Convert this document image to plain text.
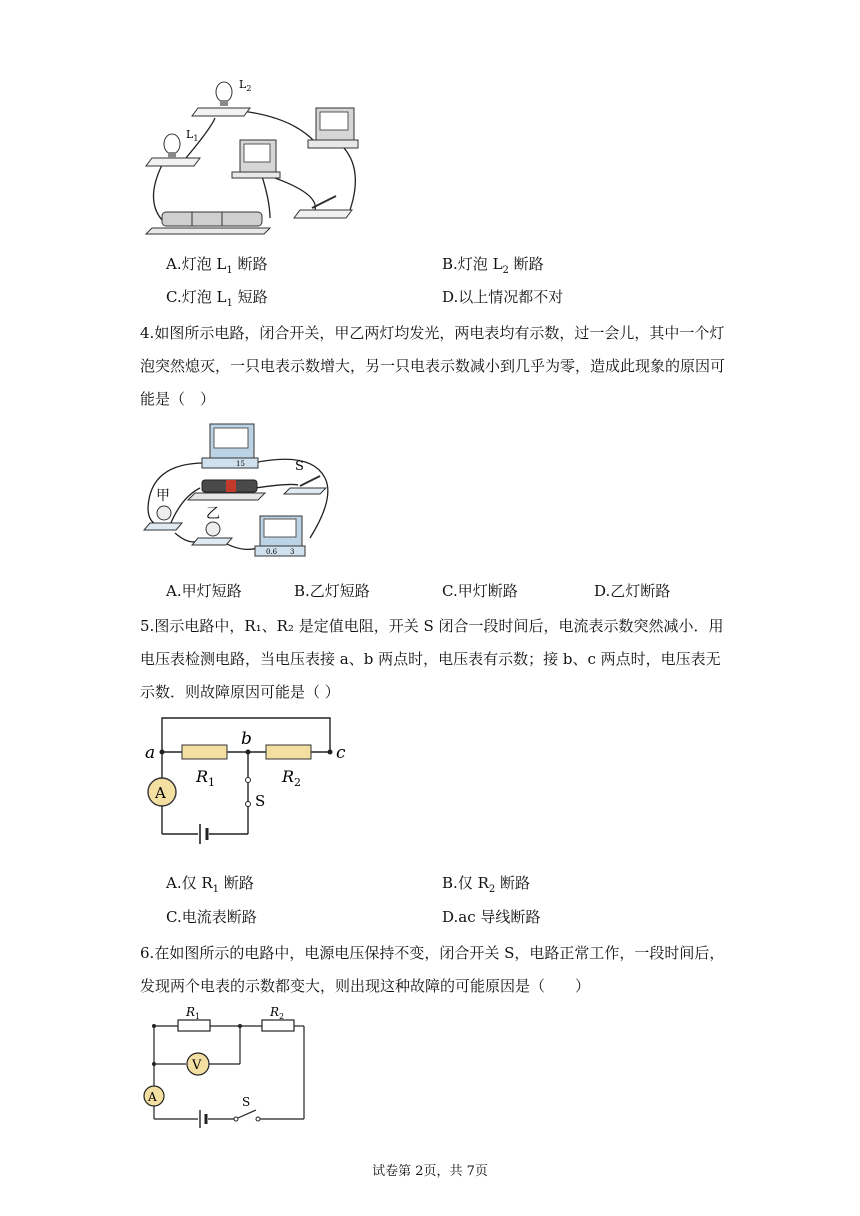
$L_2$
$L_1$
A.灯泡 $L_1$ 断路	B.灯泡 $L_2$ 断路
C.灯泡 $L_1$ 短路	D.以上情况都不对
4.如图所示电路，闭合开关，甲乙两灯均发光，两电表均有示数，过一会儿，其中一个灯泡突然熄灭，一只电表示数增大，另一只电表示数减小到几乎为零，造成此现象的原因可能是（　）
15	S
甲
乙
0.6 3
A.甲灯短路	B.乙灯短路	C.甲灯断路	D.乙灯断路
5.图示电路中，R₁、R₂ 是定值电阻，开关 S 闭合一段时间后，电流表示数突然减小．用电压表检测电路，当电压表接 a、b 两点时，电压表有示数；接 b、c 两点时，电压表无示数．则故障原因可能是（ ）
a
b
c
$R_1$	$R_2$
A	S
A.仅 $R_1$ 断路	B.仅 $R_2$ 断路
C.电流表断路	D.ac 导线断路
6.在如图所示的电路中，电源电压保持不变，闭合开关 S，电路正常工作，一段时间后，发现两个电表的示数都变大，则出现这种故障的可能原因是（　　）
$R_1$	$R_2$
V
A	S
试卷第 2页，共 7页
